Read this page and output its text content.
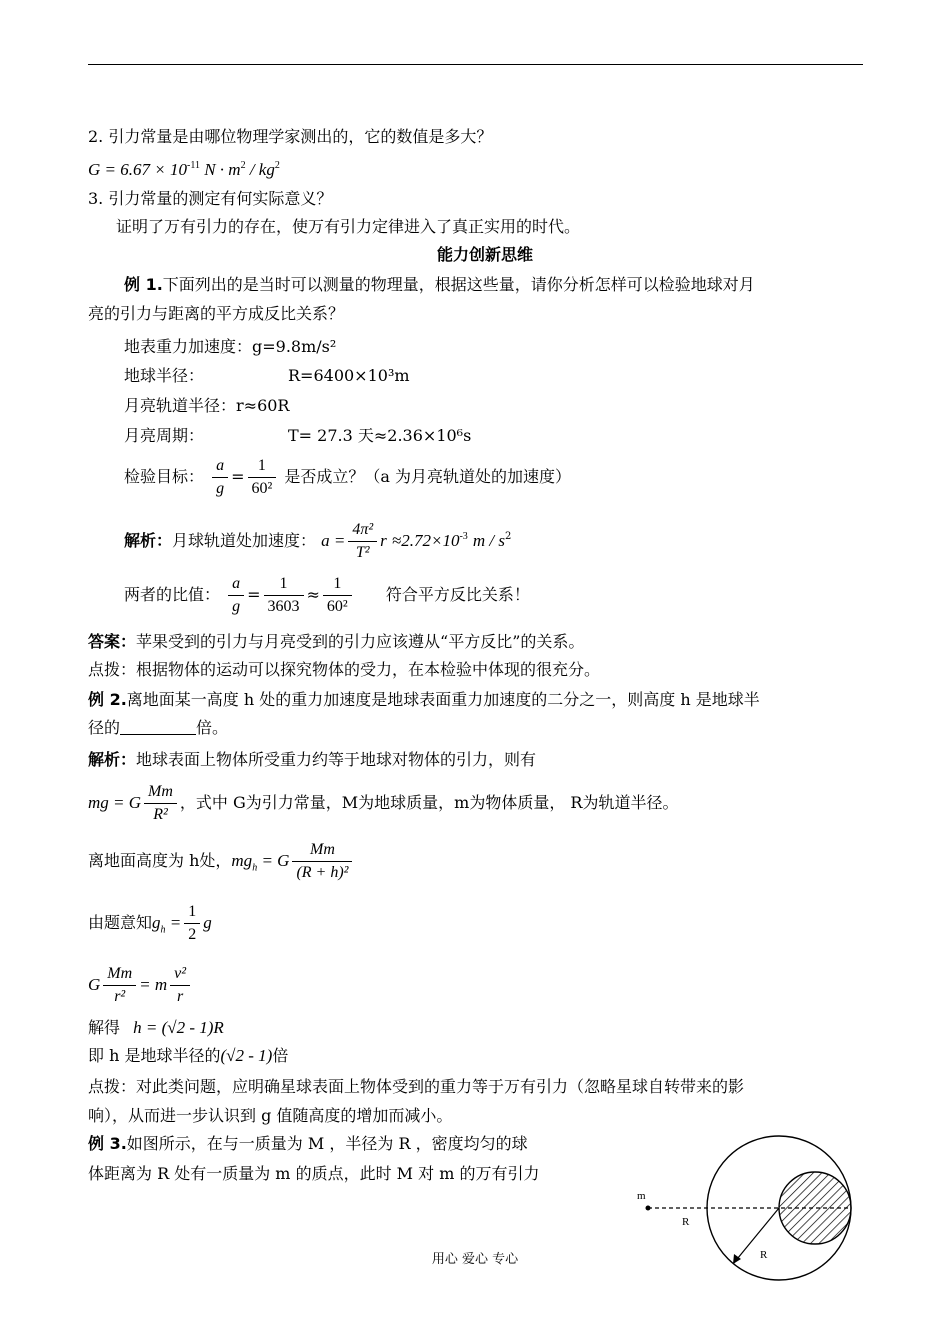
2. 引力常量是由哪位物理学家测出的，它的数值是多大？
$G = 6.67 \times 10^{-11}$ $N \cdot m^2 / kg^2$
3. 引力常量的测定有何实际意义？
证明了万有引力的存在，使万有引力定律进入了真正实用的时代。
能力创新思维
例 1.下面列出的是当时可以测量的物理量，根据这些量，请你分析怎样可以检验地球对月
亮的引力与距离的平方成反比关系？
地表重力加速度：g=9.8m/s²
地球半径：	R=6400×10³m
月亮轨道半径：r≈60R
月亮周期：	T= 27.3 天≈2.36×10⁶s
检验目标： $\frac{a}{g} = \frac{1}{\text{60²}}$ 是否成立？（a 为月亮轨道处的加速度）
解析：月球轨道处加速度： $a = \frac{\text{4π²}}{\text{T²}}$ $r \approx 2.72\times 10^{-3}$ m / $s^2$
两者的比值： $\frac{a}{g} = \frac{1}{3603} \approx \frac{1}{\text{60²}}$ 符合平方反比关系！
答案：苹果受到的引力与月亮受到的引力应该遵从“平方反比”的关系。
点拨：根据物体的运动可以探究物体的受力，在本检验中体现的很充分。
例 2.离地面某一高度 h 处的重力加速度是地球表面重力加速度的二分之一，则高度 h 是地球半
径的	倍。
解析：地球表面上物体所受重力约等于地球对物体的引力，则有
mg = G $\frac{Mm}{\text{R²}}$ ，式中 G为引力常量，M为地球质量，m为物体质量， R为轨道半径。
离地面高度为 h处，$mg_h = G \frac{Mm}{\text{(R + h)²}}$
由题意知$g_h = \frac{1}{2}$ g
G $\frac{Mm}{\text{r²}} = m \frac{\text{v²}}{r}$
解得 h = (√2 - 1)R
即 h 是地球半径的(√2 - 1)倍
点拨：对此类问题，应明确星球表面上物体受到的重力等于万有引力（忽略星球自转带来的影
响），从而进一步认识到 g 值随高度的增加而减小。
例 3.如图所示，在与一质量为 M ，半径为 R ，密度均匀的球
体距离为 R 处有一质量为 m 的质点，此时 M 对 m 的万有引力
m
R
R
用心 爱心 专心
